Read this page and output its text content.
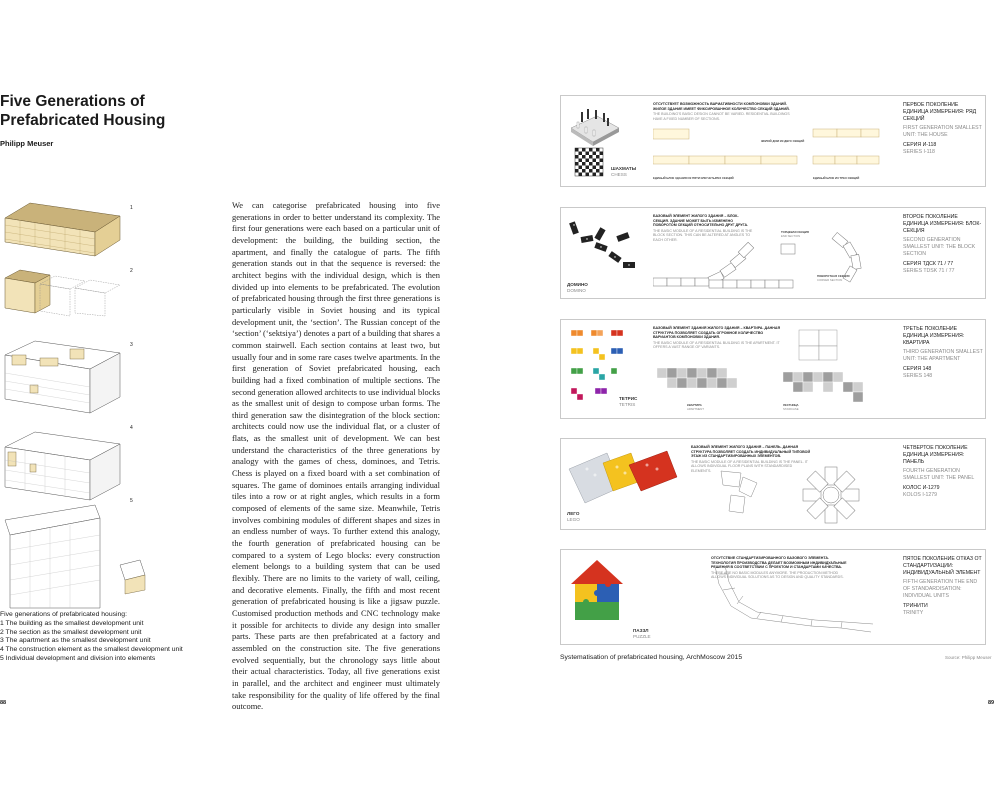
Five Generations of Prefabricated Housing
Philipp Meuser
1
2
3
4
5
Five generations of prefabricated housing:
1 The building as the smallest development unit
2 The section as the smallest development unit
3 The apartment as the smallest development unit
4 The construction element as the smallest development unit
5 Individual development and division into elements
We can categorise prefabricated housing into five generations in order to better understand its complexity. The first four generations were each based on a particular unit of development: the building, the building section, the apartment, and finally the catalogue of parts. The fifth generation stands out in that the sequence is reversed: the architect begins with the individual design, which is then divided up into elements to be prefabricated. The evolution of prefabricated housing through the first three generations is particularly visible in Soviet housing and its typical development unit, the ‘section’. The Russian concept of the ‘section’ (‘sektsiya’) denotes a part of a building that shares a common stairwell. Each section contains at least two, but usually four and in some rare cases twelve apartments. In the first generation of Soviet prefabricated housing, each building had a fixed combination of multiple sections. The second generation allowed architects to use individual blocks as the smallest unit of design to compose urban forms. The third generation saw the disintegration of the block section: architects could now use the individual flat, or a cluster of flats, as the smallest unit of development. We can best understand the characteristics of the three generations by analogy with the games of chess, dominoes, and Tetris. Chess is played on a fixed board with a set combination of squares. The game of dominoes entails arranging individual tiles into a row or at right angles, which results in a form composed of elements of the same size. Meanwhile, Tetris involves combining modules of different shapes and sizes in an endless number of ways. To further extend this analogy, the fourth generation of prefabricated housing can be compared to a system of Lego blocks: every construction element belongs to a building system that can be used flexibly. There are no limits to the variety of wall, ceiling, and decorative elements. Finally, the fifth and most recent generation of prefabricated housing is like a jigsaw puzzle. Customised production methods and CNC technology make it possible for architects to divide any design into smaller parts. These parts are then prefabricated at a factory and assembled on the construction site. The five generations evolved sequentially, but the chronology says little about their actual characteristics. Today, all five generations exist in parallel, and the architect and engineer must ultimately take responsibility for the quality of life offered by the final outcome.
88	89
ШАХМАТЫ
CHESS
ОТСУТСТВУЕТ ВОЗМОЖНОСТЬ ВАРИАТИВНОСТИ КОМПОНОВКИ ЗДАНИЙ. ЖИЛОЕ ЗДАНИЕ ИМЕЕТ ФИКСИРОВАННОЕ КОЛИЧЕСТВО СЕКЦИЙ ЗДАНИЙ.
THE BUILDING'S BASIC DESIGN CANNOT BE VARIED. RESIDENTIAL BUILDINGS HAVE A FIXED NUMBER OF SECTIONS.
ЖИЛОЙ ДОМ ИЗ ДВУХ СЕКЦИЙ
ЕДИНЫЙ БЛОК ЗДАНИЯ ИЗ ПЯТИ ИЛИ ЧЕТЫРЕХ СЕКЦИЙ	ЕДИНЫЙ БЛОК ИЗ ТРЕХ СЕКЦИЙ
ПЕРВОЕ ПОКОЛЕНИЕ ЕДИНИЦА ИЗМЕРЕНИЯ: РЯД СЕКЦИЙ
FIRST GENERATION SMALLEST UNIT: THE HOUSE
СЕРИЯ И-118
SERIES I-118
ДОМИНО
DOMINO
БАЗОВЫЙ ЭЛЕМЕНТ ЖИЛОГО ЗДАНИЯ – БЛОК-СЕКЦИЯ. ЗДАНИЕ МОЖЕТ БЫТЬ ИЗМЕНЕНО ПОВОРОТОМ СЕКЦИЙ ОТНОСИТЕЛЬНО ДРУГ ДРУГА.
THE BASIC MODULE OF A RESIDENTIAL BUILDING IS THE BLOCK SECTION. THIS CAN BE ALTERED AT ANGLES TO EACH OTHER.
ТОРЦЕВАЯ СЕКЦИЯ
END SECTION
ПОВОРОТНАЯ СЕКЦИЯ
CORNER SECTION
ВТОРОЕ ПОКОЛЕНИЕ ЕДИНИЦА ИЗМЕРЕНИЯ: БЛОК-СЕКЦИЯ
SECOND GENERATION SMALLEST UNIT: THE BLOCK SECTION
СЕРИЯ ТДСК 71 / 77
SERIES TDSK 71 / 77
ТЕТРИС
TETRIS
БАЗОВЫЙ ЭЛЕМЕНТ ЗДАНИЯ ЖИЛОГО ЗДАНИЯ – КВАРТИРА. ДАННАЯ СТРУКТУРА ПОЗВОЛЯЕТ СОЗДАТЬ ОГРОМНОЕ КОЛИЧЕСТВО ВАРИАНТОВ КОМПОНОВКИ ЗДАНИЯ.
THE BASIC MODULE OF A RESIDENTIAL BUILDING IS THE APARTMENT. IT OFFERS A VAST RANGE OF VARIANTS.
КВАРТИРА
APARTMENT
ЛЕСТНИЦА
STAIRCASE
ТРЕТЬЕ ПОКОЛЕНИЕ ЕДИНИЦА ИЗМЕРЕНИЯ: КВАРТИРА
THIRD GENERATION SMALLEST UNIT: THE APARTMENT
СЕРИЯ 148
SERIES 148
ЛЕГО
LEGO
БАЗОВЫЙ ЭЛЕМЕНТ ЖИЛОГО ЗДАНИЯ – ПАНЕЛЬ. ДАННАЯ СТРУКТУРА ПОЗВОЛЯЕТ СОЗДАТЬ ИНДИВИДУАЛЬНЫЙ ТИПОВОЙ ЭТАЖ ИЗ СТАНДАРТИЗИРОВАННЫХ ЭЛЕМЕНТОВ.
THE BASIC MODULE OF A RESIDENTIAL BUILDING IS THE PANEL. IT ALLOWS INDIVIDUAL FLOOR PLANS WITH STANDARDISED ELEMENTS.
ЧЕТВЕРТОЕ ПОКОЛЕНИЕ ЕДИНИЦА ИЗМЕРЕНИЯ: ПАНЕЛЬ
FOURTH GENERATION SMALLEST UNIT: THE PANEL
КОЛОС И-1279
KOLOS I-1279
ПАЗЗЛ
PUZZLE
ОТСУТСТВИЕ СТАНДАРТИЗИРОВАННОГО БАЗОВОГО ЭЛЕМЕНТА. ТЕХНОЛОГИЯ ПРОИЗВОДСТВА ДЕЛАЕТ ВОЗМОЖНЫМ ИНДИВИДУАЛЬНЫЕ РЕШЕНИЯ В СООТВЕТСТВИИ С ПРОЕКТОМ И СТАНДАРТАМИ КАЧЕСТВА.
THERE ARE NO BASIC MODULES ANYMORE. THE PRODUCTION METHOD ALLOWS INDIVIDUAL SOLUTIONS AS TO DESIGN AND QUALITY STANDARDS.
ПЯТОЕ ПОКОЛЕНИЕ ОТКАЗ ОТ СТАНДАРТИЗАЦИИ: ИНДИВИДУАЛЬНЫЙ ЭЛЕМЕНТ
FIFTH GENERATION THE END OF STANDARDISATION: INDIVIDUAL UNITS
ТРИНИТИ
TRINITY
Systematisation of prefabricated housing, ArchMoscow 2015	Source: Philipp Meuser
